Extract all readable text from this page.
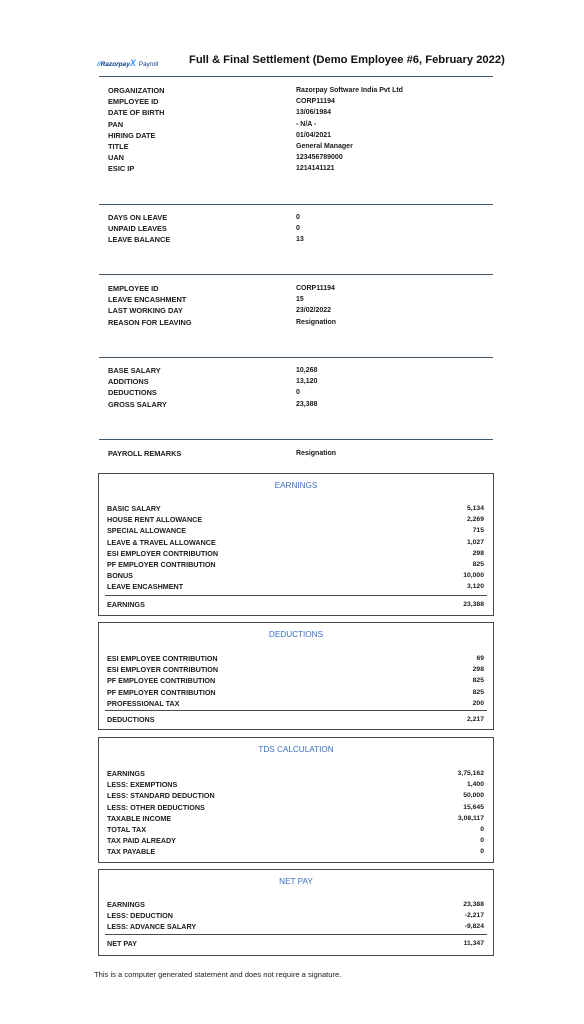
//RazorpayX Payroll	Full & Final Settlement (Demo Employee #6, February 2022)
ORGANIZATION	Razorpay Software India Pvt Ltd
EMPLOYEE ID	CORP11194
DATE OF BIRTH	13/06/1984
PAN	- N/A -
HIRING DATE	01/04/2021
TITLE	General Manager
UAN	123456789000
ESIC IP	1214141121
DAYS ON LEAVE	0
UNPAID LEAVES	0
LEAVE BALANCE	13
EMPLOYEE ID	CORP11194
LEAVE ENCASHMENT	15
LAST WORKING DAY	23/02/2022
REASON FOR LEAVING	Resignation
BASE SALARY	10,268
ADDITIONS	13,120
DEDUCTIONS	0
GROSS SALARY	23,388
PAYROLL REMARKS	Resignation
EARNINGS
BASIC SALARY	5,134
HOUSE RENT ALLOWANCE	2,269
SPECIAL ALLOWANCE	715
LEAVE & TRAVEL ALLOWANCE	1,027
ESI EMPLOYER CONTRIBUTION	298
PF EMPLOYER CONTRIBUTION	825
BONUS	10,000
LEAVE ENCASHMENT	3,120
EARNINGS	23,388
DEDUCTIONS
ESI EMPLOYEE CONTRIBUTION	69
ESI EMPLOYER CONTRIBUTION	298
PF EMPLOYEE CONTRIBUTION	825
PF EMPLOYER CONTRIBUTION	825
PROFESSIONAL TAX	200
DEDUCTIONS	2,217
TDS CALCULATION
EARNINGS	3,75,162
LESS: EXEMPTIONS	1,400
LESS: STANDARD DEDUCTION	50,000
LESS: OTHER DEDUCTIONS	15,645
TAXABLE INCOME	3,08,117
TOTAL TAX	0
TAX PAID ALREADY	0
TAX PAYABLE	0
NET PAY
EARNINGS	23,388
LESS: DEDUCTION	-2,217
LESS: ADVANCE SALARY	-9,824
NET PAY	11,347
This is a computer generated statement and does not require a signature.
